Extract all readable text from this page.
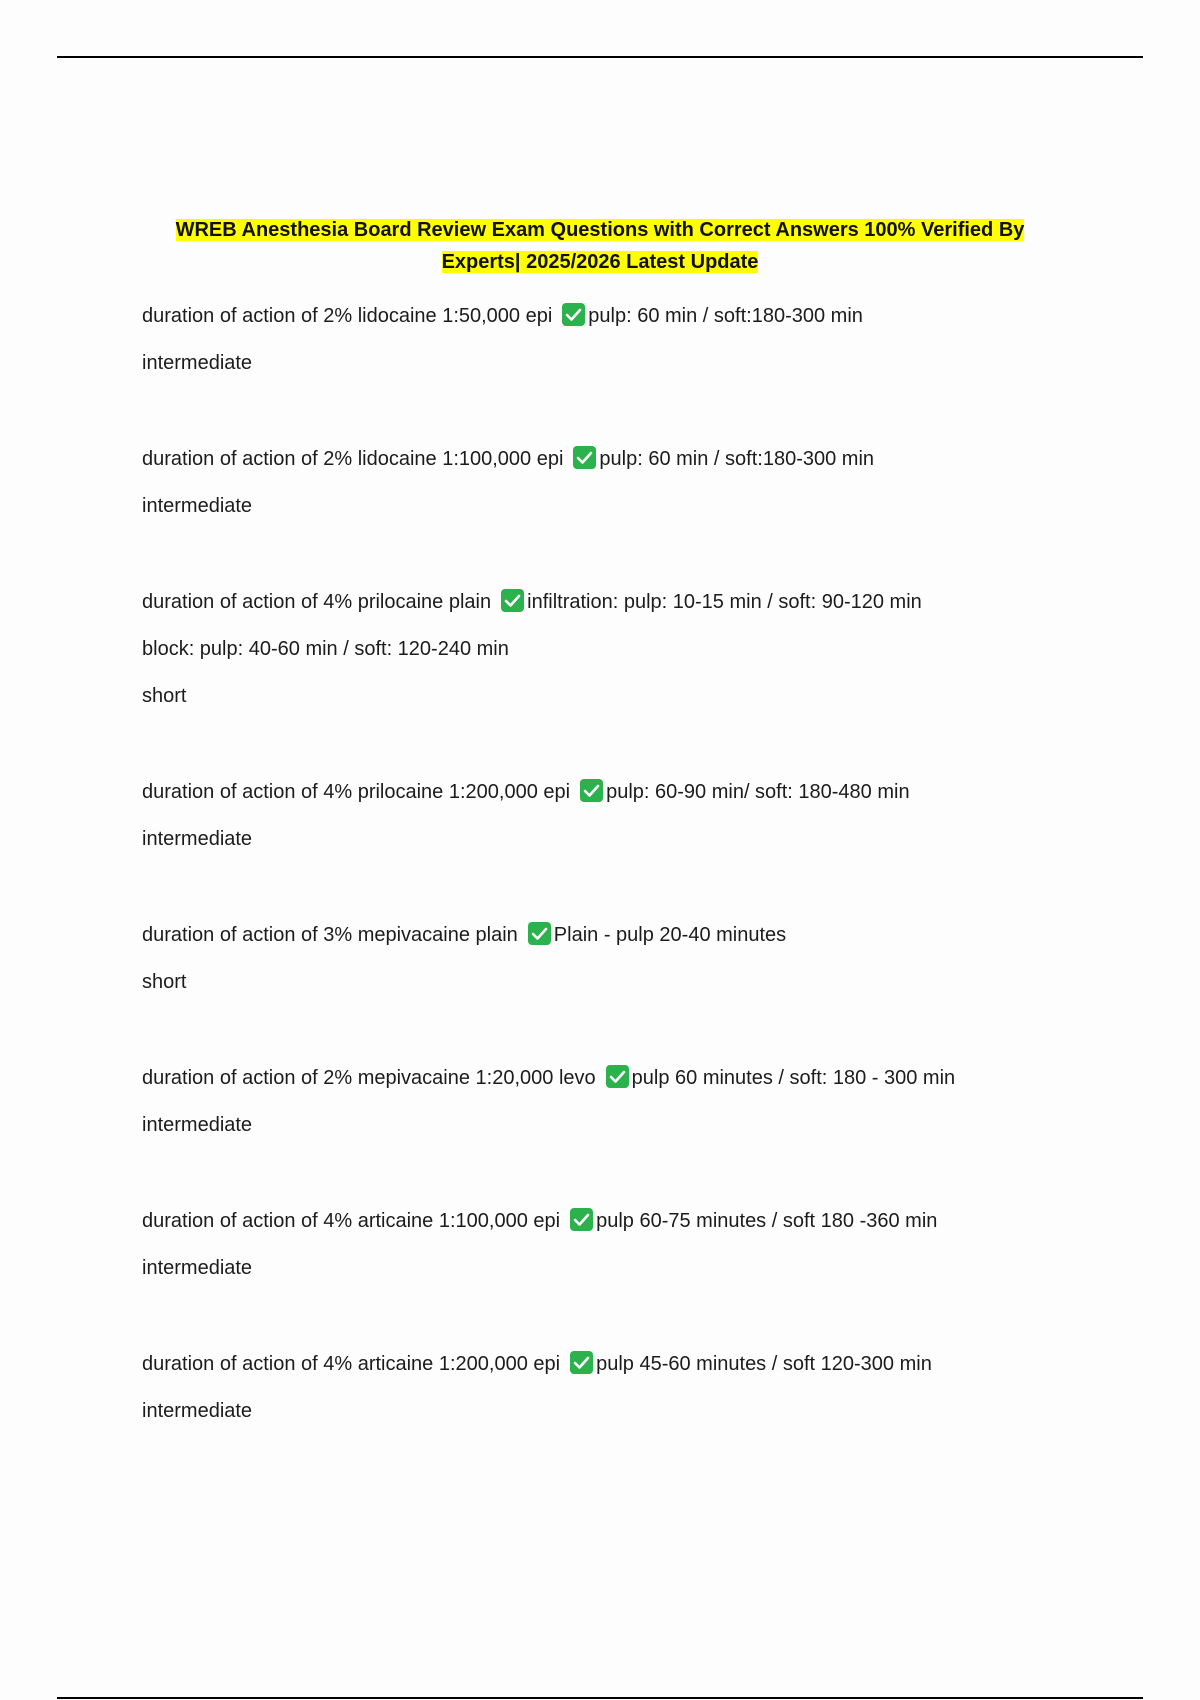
WREB Anesthesia Board Review Exam Questions with Correct Answers 100% Verified By
Experts| 2025/2026 Latest Update
duration of action of 2% lidocaine 1:50,000 epi pulp: 60 min / soft:180-300 min
intermediate
duration of action of 2% lidocaine 1:100,000 epi pulp: 60 min / soft:180-300 min
intermediate
duration of action of 4% prilocaine plain infiltration: pulp: 10-15 min / soft: 90-120 min
block: pulp: 40-60 min / soft: 120-240 min
short
duration of action of 4% prilocaine 1:200,000 epi pulp: 60-90 min/ soft: 180-480 min
intermediate
duration of action of 3% mepivacaine plain Plain - pulp 20-40 minutes
short
duration of action of 2% mepivacaine 1:20,000 levo pulp 60 minutes / soft: 180 - 300 min
intermediate
duration of action of 4% articaine 1:100,000 epi pulp 60-75 minutes / soft 180 -360 min
intermediate
duration of action of 4% articaine 1:200,000 epi pulp 45-60 minutes / soft 120-300 min
intermediate
